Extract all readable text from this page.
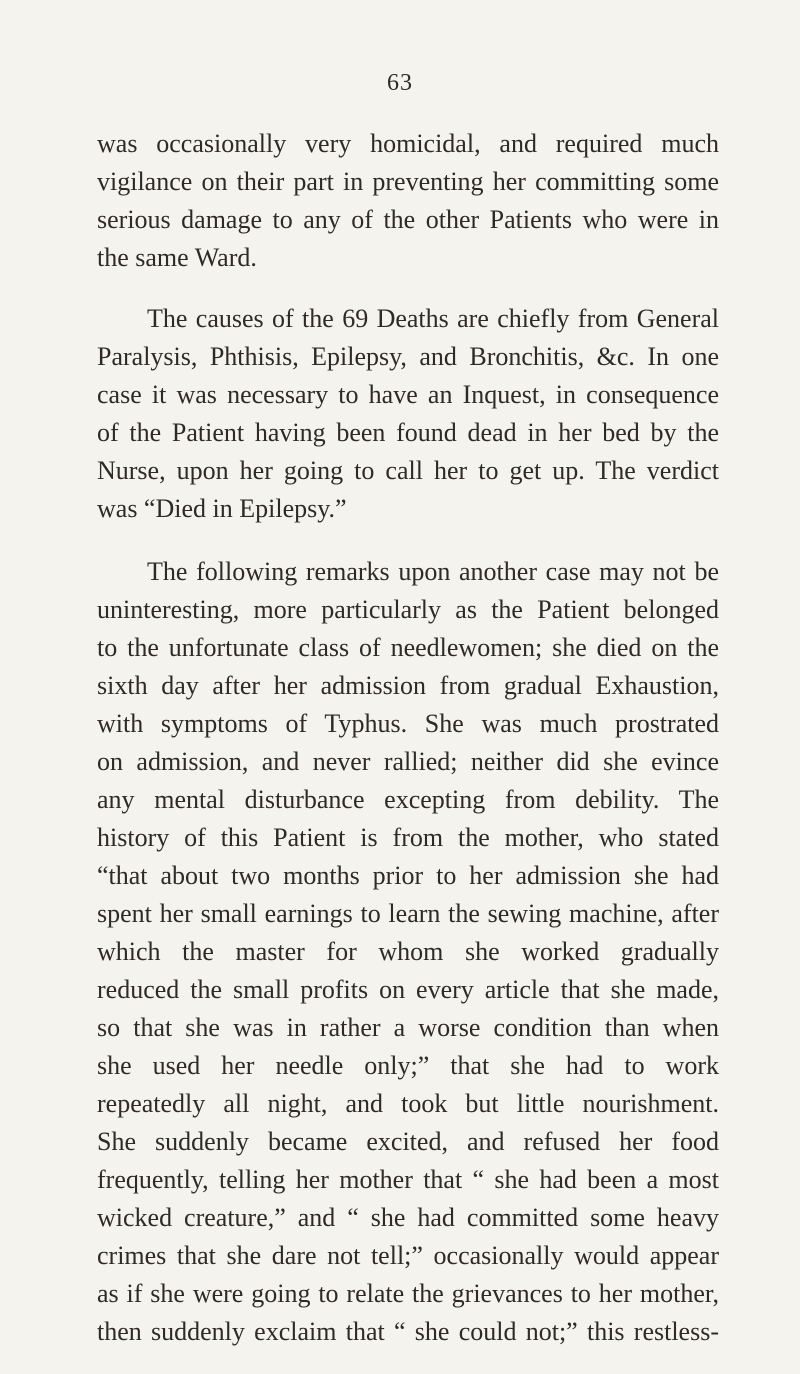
63
was occasionally very homicidal, and required much
vigilance on their part in preventing her committing some
serious damage to any of the other Patients who were in
the same Ward.
The causes of the 69 Deaths are chiefly from General
Paralysis, Phthisis, Epilepsy, and Bronchitis, &c. In one
case it was necessary to have an Inquest, in consequence
of the Patient having been found dead in her bed by the
Nurse, upon her going to call her to get up. The verdict
was “Died in Epilepsy.”
The following remarks upon another case may not be
uninteresting, more particularly as the Patient belonged
to the unfortunate class of needlewomen; she died on the
sixth day after her admission from gradual Exhaustion,
with symptoms of Typhus. She was much prostrated
on admission, and never rallied; neither did she evince
any mental disturbance excepting from debility. The
history of this Patient is from the mother, who stated
“that about two months prior to her admission she had
spent her small earnings to learn the sewing machine, after
which the master for whom she worked gradually
reduced the small profits on every article that she made,
so that she was in rather a worse condition than when
she used her needle only;” that she had to work
repeatedly all night, and took but little nourishment.
She suddenly became excited, and refused her food
frequently, telling her mother that “ she had been a most
wicked creature,” and “ she had committed some heavy
crimes that she dare not tell;” occasionally would appear
as if she were going to relate the grievances to her mother,
then suddenly exclaim that “ she could not;” this restless-
